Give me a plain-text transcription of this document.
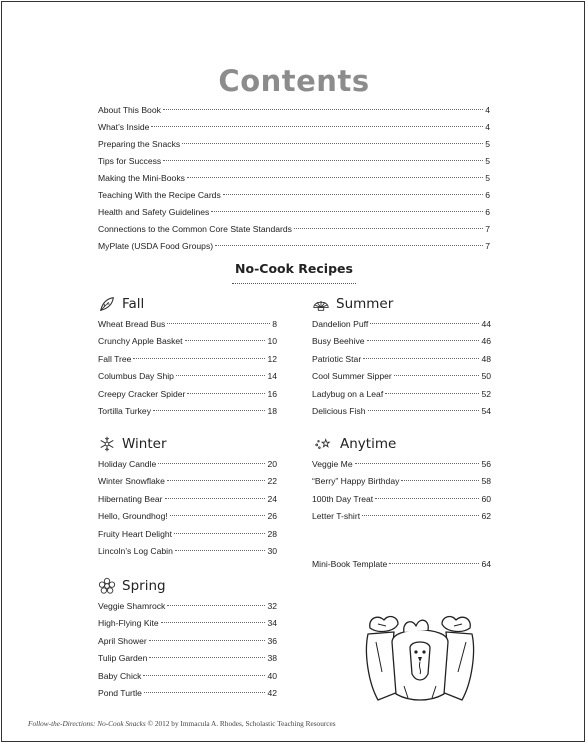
Contents
About This Book	4
What’s Inside	4
Preparing the Snacks	5
Tips for Success	5
Making the Mini-Books	5
Teaching With the Recipe Cards	6
Health and Safety Guidelines	6
Connections to the Common Core State Standards	7
MyPlate (USDA Food Groups)	7
No-Cook Recipes
Fall
Wheat Bread Bus	8
Crunchy Apple Basket	10
Fall Tree	12
Columbus Day Ship	14
Creepy Cracker Spider	16
Tortilla Turkey	18
Winter
Holiday Candle	20
Winter Snowflake	22
Hibernating Bear	24
Hello, Groundhog!	26
Fruity Heart Delight	28
Lincoln’s Log Cabin	30
Spring
Veggie Shamrock	32
High-Flying Kite	34
April Shower	36
Tulip Garden	38
Baby Chick	40
Pond Turtle	42
Summer
Dandelion Puff	44
Busy Beehive	46
Patriotic Star	48
Cool Summer Sipper	50
Ladybug on a Leaf	52
Delicious Fish	54
Anytime
Veggie Me	56
“Berry” Happy Birthday	58
100th Day Treat	60
Letter T-shirt	62
Mini-Book Template	64
Follow-the-Directions: No-Cook Snacks © 2012 by Immacula A. Rhodes, Scholastic Teaching Resources
